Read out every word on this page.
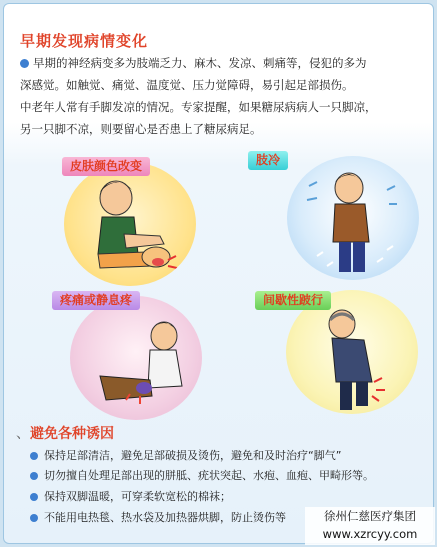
早期发现病情变化
早期的神经病变多为肢端乏力、麻木、发凉、刺痛等，侵犯的多为
深感觉。如触觉、痛觉、温度觉、压力觉障碍，易引起足部损伤。
中老年人常有手脚发凉的情况。专家提醒，如果糖尿病病人一只脚凉，
另一只脚不凉，则要留心是否患上了糖尿病足。
皮肤颜色改变	肢冷
疼痛或静息疼	间歇性跛行
、避免各种诱因
保持足部清洁，避免足部破损及烫伤，避免和及时治疗“脚气”
切勿擅自处理足部出现的胼胝、疣状突起、水疱、血疱、甲畸形等。
保持双脚温暖，可穿柔软宽松的棉袜；
不能用电热毯、热水袋及加热器烘脚，防止烫伤等	徐州仁慈医疗集团
www.xzrcyy.com
